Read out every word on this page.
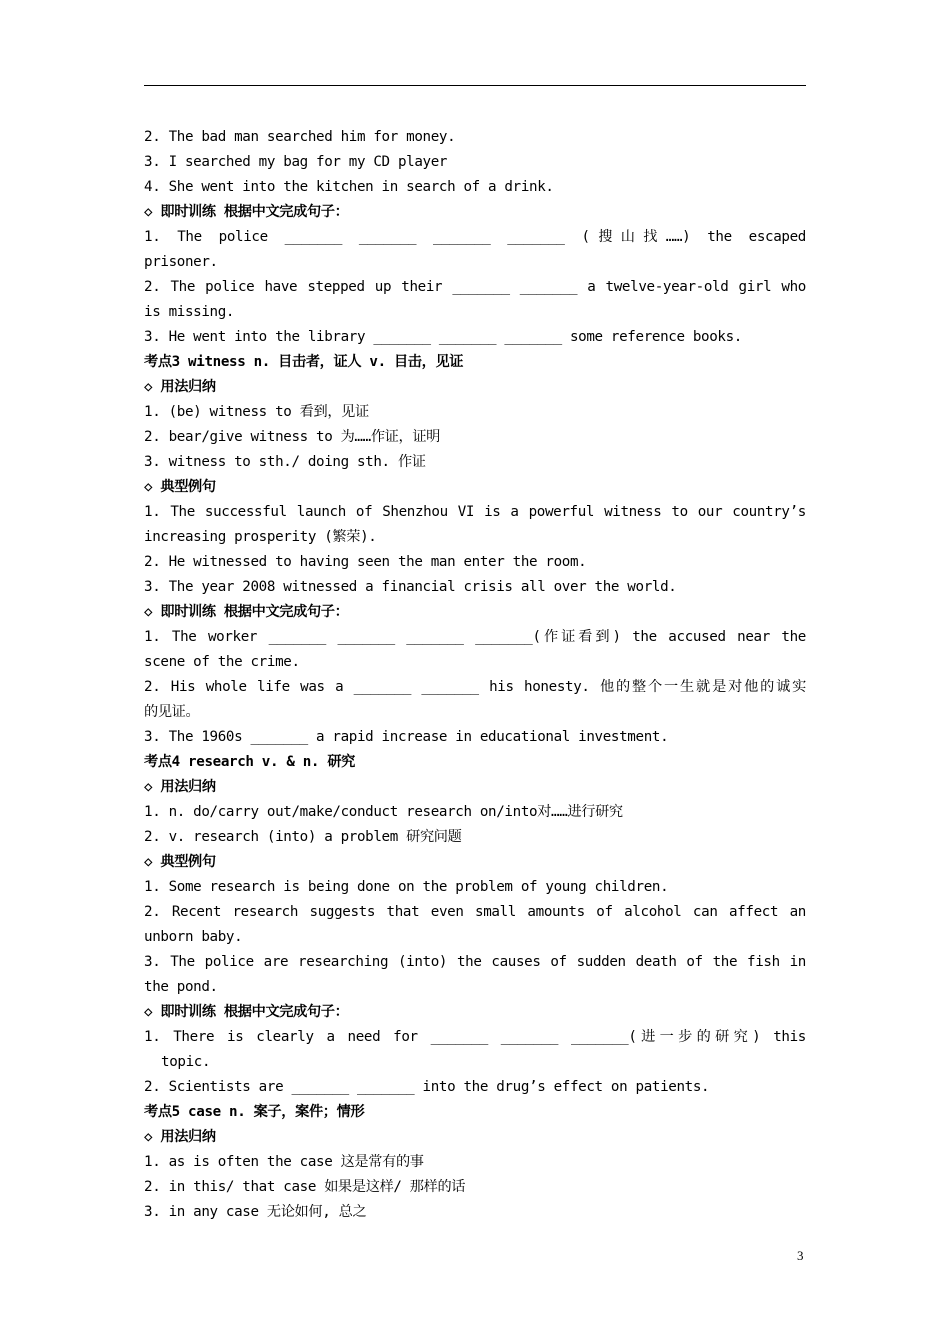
2. The bad man searched him for money.
3. I searched my bag for my CD player
4. She went into the kitchen in search of a drink.
◇ 即时训练 根据中文完成句子：
1. The police _______ _______ _______ _______ (搜山找……) the escaped
prisoner.
2. The police have stepped up their _______ _______ a twelve-year-old girl who
is missing.
3. He went into the library _______ _______ _______ some reference books.
考点3 witness n. 目击者，证人 v. 目击，见证
◇ 用法归纳
1. (be) witness to 看到，见证
2. bear/give witness to 为……作证，证明
3. witness to sth./ doing sth. 作证
◇ 典型例句
1. The successful launch of Shenzhou VI is a powerful witness to our country’s
increasing prosperity (繁荣).
2. He witnessed to having seen the man enter the room.
3. The year 2008 witnessed a financial crisis all over the world.
◇ 即时训练 根据中文完成句子：
1. The worker _______ _______ _______ _______(作证看到) the accused near the
scene of the crime.
2. His whole life was a _______ _______ his honesty. 他的整个一生就是对他的诚实
的见证。
3. The 1960s _______ a rapid increase in educational investment.
考点4 research v. & n. 研究
◇ 用法归纳
1. n. do/carry out/make/conduct research on/into对……进行研究
2. v. research (into) a problem 研究问题
◇ 典型例句
1. Some research is being done on the problem of young children.
2. Recent research suggests that even small amounts of alcohol can affect an
unborn baby.
3. The police are researching (into) the causes of sudden death of the fish in
the pond.
◇ 即时训练 根据中文完成句子：
1. There is clearly a need for _______ _______ _______(进一步的研究) this
topic.
2. Scientists are _______ _______ into the drug’s effect on patients.
考点5 case n. 案子，案件；情形
◇ 用法归纳
1. as is often the case 这是常有的事
2. in this/ that case 如果是这样/ 那样的话
3. in any case 无论如何, 总之
3
